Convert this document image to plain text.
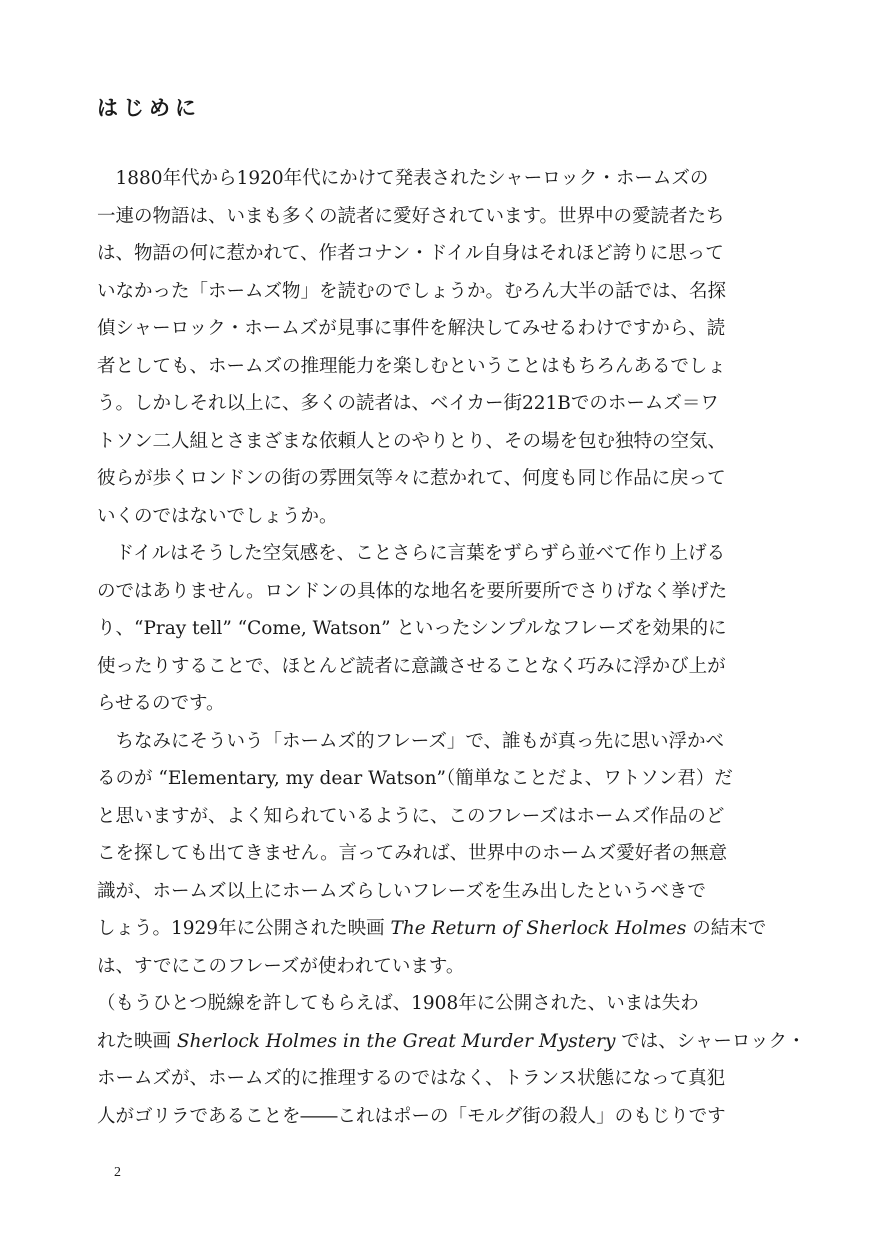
はじめに
　1880年代から1920年代にかけて発表されたシャーロック・ホームズの
一連の物語は、いまも多くの読者に愛好されています。世界中の愛読者たち
は、物語の何に惹かれて、作者コナン・ドイル自身はそれほど誇りに思って
いなかった「ホームズ物」を読むのでしょうか。むろん大半の話では、名探
偵シャーロック・ホームズが見事に事件を解決してみせるわけですから、読
者としても、ホームズの推理能力を楽しむということはもちろんあるでしょ
う。しかしそれ以上に、多くの読者は、ベイカー街221Bでのホームズ＝ワ
トソン二人組とさまざまな依頼人とのやりとり、その場を包む独特の空気、
彼らが歩くロンドンの街の雰囲気等々に惹かれて、何度も同じ作品に戻って
いくのではないでしょうか。
　ドイルはそうした空気感を、ことさらに言葉をずらずら並べて作り上げる
のではありません。ロンドンの具体的な地名を要所要所でさりげなく挙げた
り、“Pray tell” “Come, Watson” といったシンプルなフレーズを効果的に
使ったりすることで、ほとんど読者に意識させることなく巧みに浮かび上が
らせるのです。
　ちなみにそういう「ホームズ的フレーズ」で、誰もが真っ先に思い浮かべ
るのが “Elementary, my dear Watson”（簡単なことだよ、ワトソン君）だ
と思いますが、よく知られているように、このフレーズはホームズ作品のど
こを探しても出てきません。言ってみれば、世界中のホームズ愛好者の無意
識が、ホームズ以上にホームズらしいフレーズを生み出したというべきで
しょう。1929年に公開された映画 The Return of Sherlock Holmes の結末で
は、すでにこのフレーズが使われています。
（もうひとつ脱線を許してもらえば、1908年に公開された、いまは失わ
れた映画 Sherlock Holmes in the Great Murder Mystery では、シャーロック・
ホームズが、ホームズ的に推理するのではなく、トランス状態になって真犯
人がゴリラであることを――これはポーの「モルグ街の殺人」のもじりです
2
